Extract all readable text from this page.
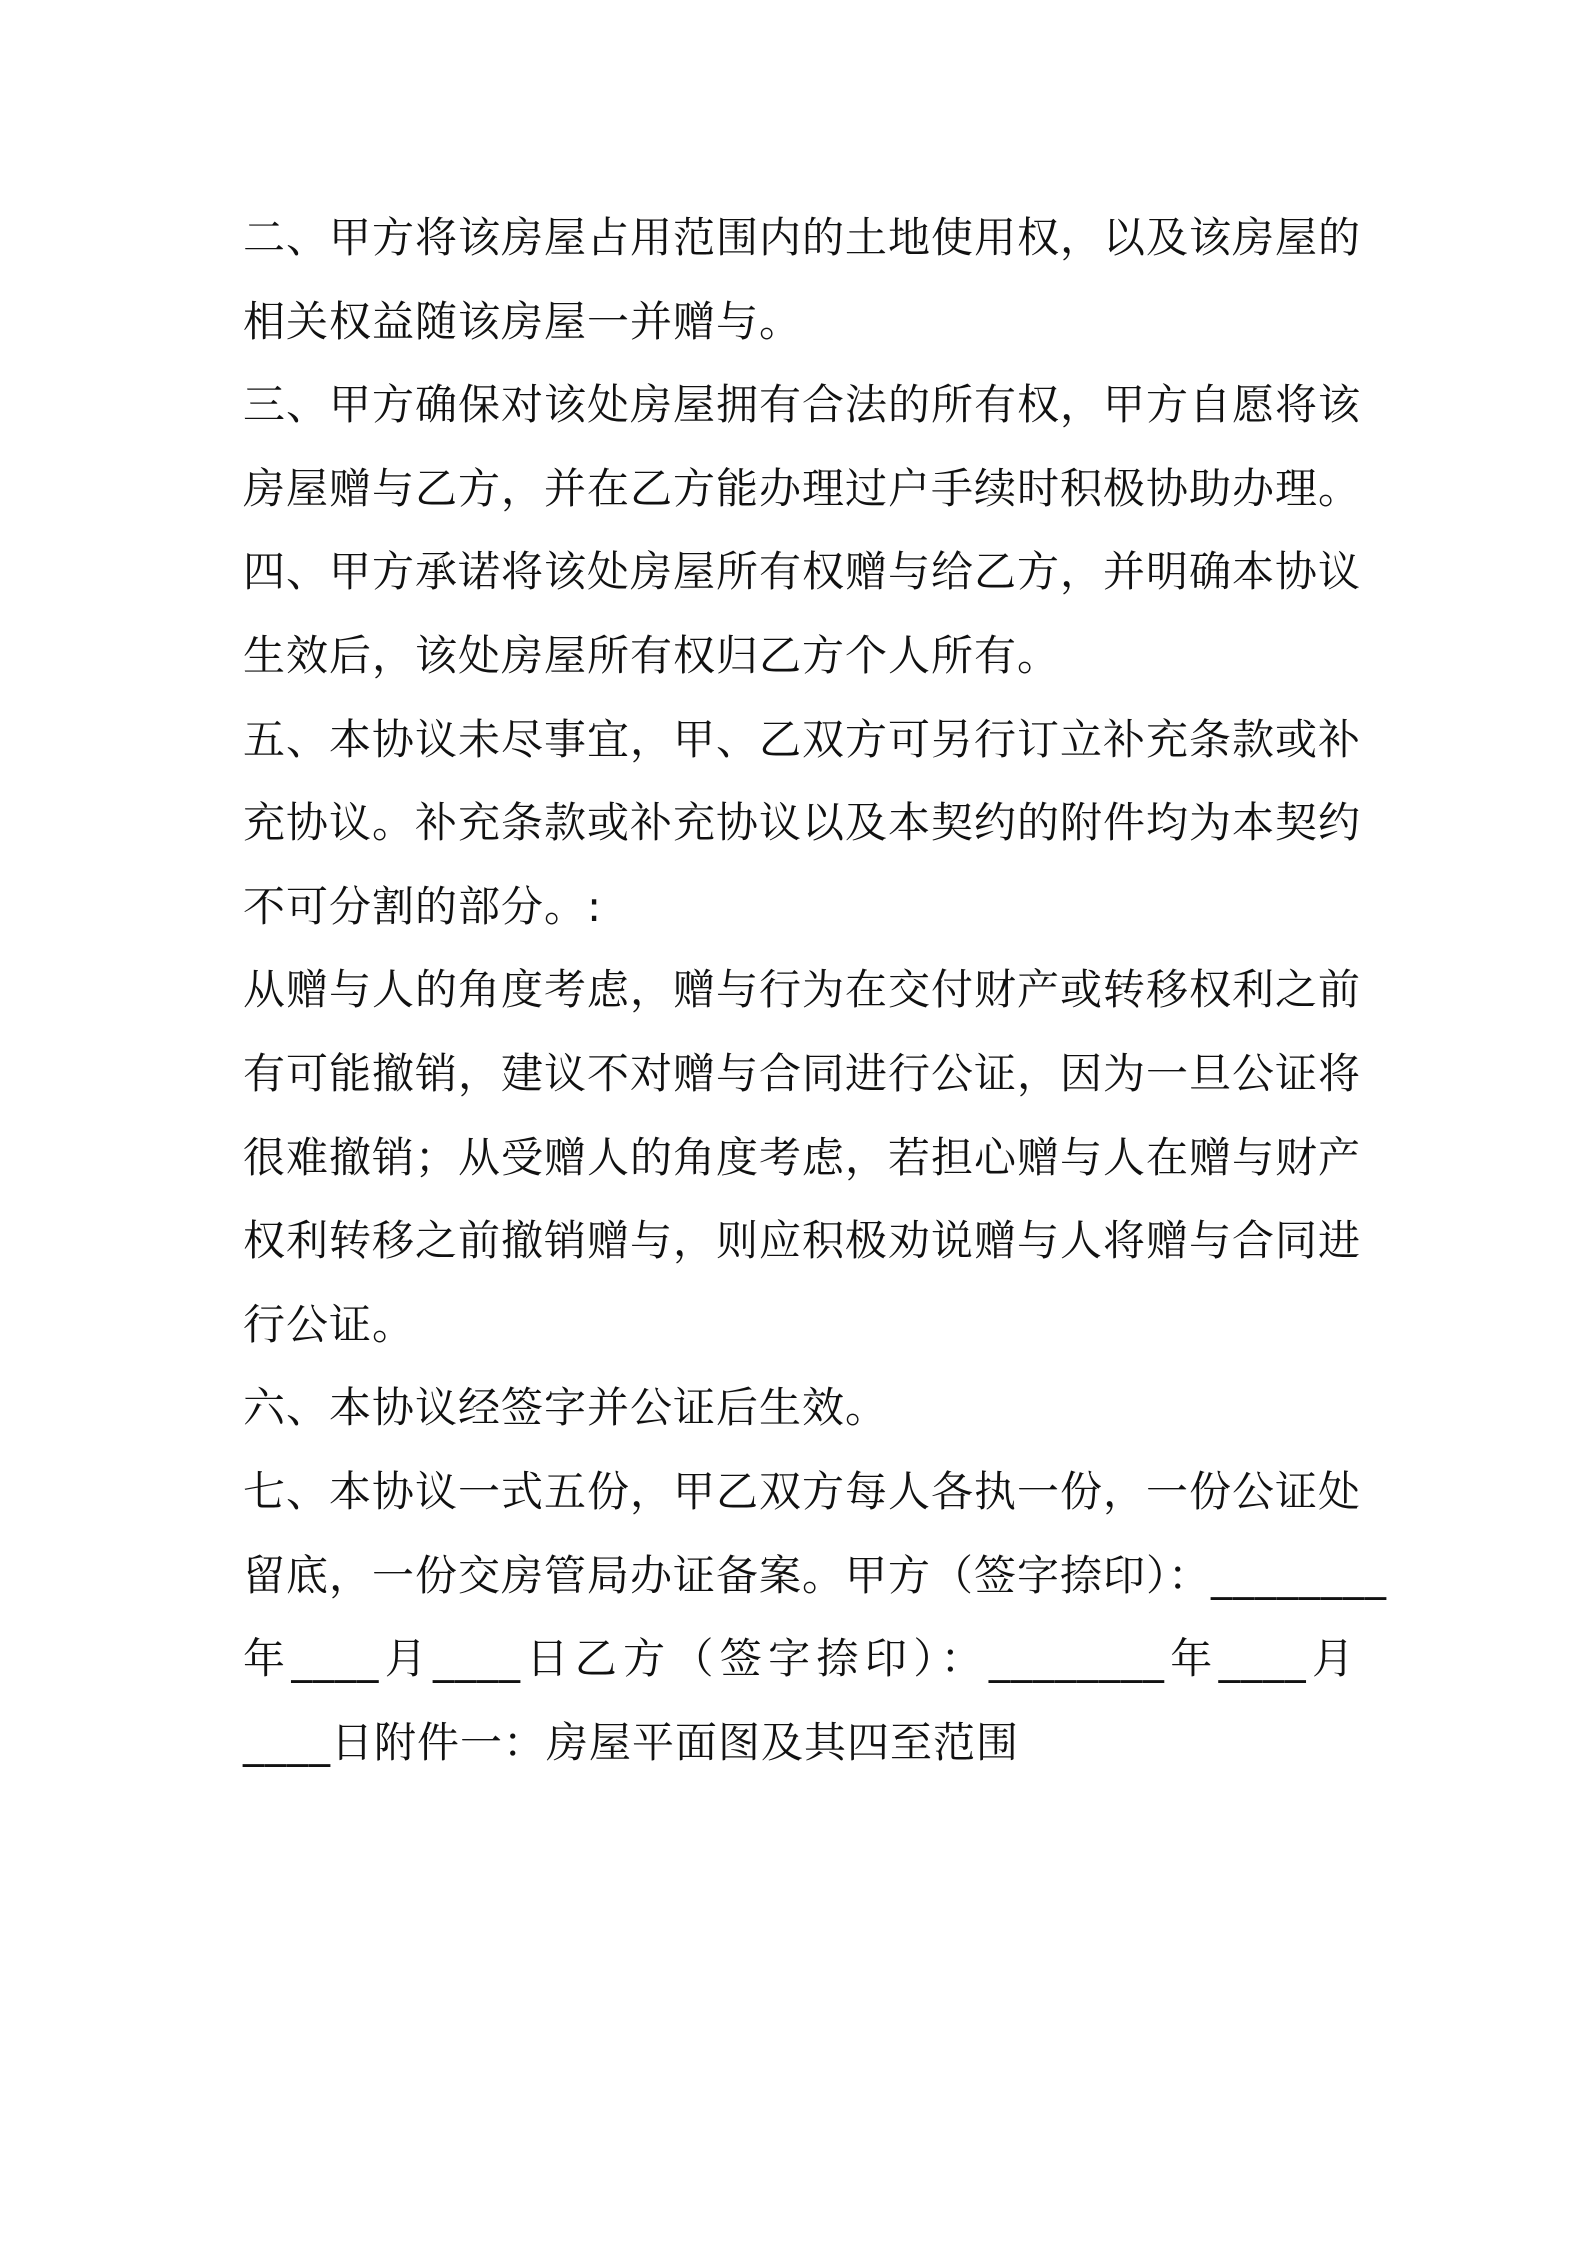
二、甲方将该房屋占用范围内的土地使用权，以及该房屋的
相关权益随该房屋一并赠与。
三、甲方确保对该处房屋拥有合法的所有权，甲方自愿将该
房屋赠与乙方，并在乙方能办理过户手续时积极协助办理。
四、甲方承诺将该处房屋所有权赠与给乙方，并明确本协议
生效后，该处房屋所有权归乙方个人所有。
五、本协议未尽事宜，甲、乙双方可另行订立补充条款或补
充协议。补充条款或补充协议以及本契约的附件均为本契约
不可分割的部分。:
从赠与人的角度考虑，赠与行为在交付财产或转移权利之前
有可能撤销，建议不对赠与合同进行公证，因为一旦公证将
很难撤销；从受赠人的角度考虑，若担心赠与人在赠与财产
权利转移之前撤销赠与，则应积极劝说赠与人将赠与合同进
行公证。
六、本协议经签字并公证后生效。
七、本协议一式五份，甲乙双方每人各执一份，一份公证处
留底，一份交房管局办证备案。甲方（签字捺印）：________
年____月____日乙方（签字捺印）：________年____月
____日附件一：房屋平面图及其四至范围
